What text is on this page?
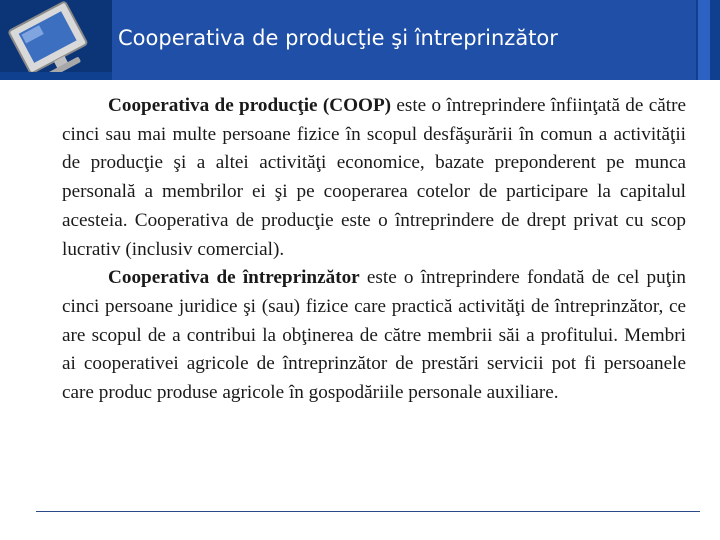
Cooperativa de producţie şi întreprinzător

Cooperativa de producţie (COOP) este o întreprindere înfiinţată de către cinci sau mai multe persoane fizice în scopul desfăşurării în comun a activităţii de producţie şi a altei activităţi economice, bazate preponderent pe munca personală a membrilor ei şi pe cooperarea cotelor de participare la capitalul acesteia. Cooperativa de producţie este o întreprindere de drept privat cu scop lucrativ (inclusiv comercial).

Cooperativa de întreprinzător este o întreprindere fondată de cel puţin cinci persoane juridice şi (sau) fizice care practică activităţi de întreprinzător, ce are scopul de a contribui la obţinerea de către membrii săi a profitului. Membri ai cooperativei agricole de întreprinzător de prestări servicii pot fi persoanele care produc produse agricole în gospodăriile personale auxiliare.
